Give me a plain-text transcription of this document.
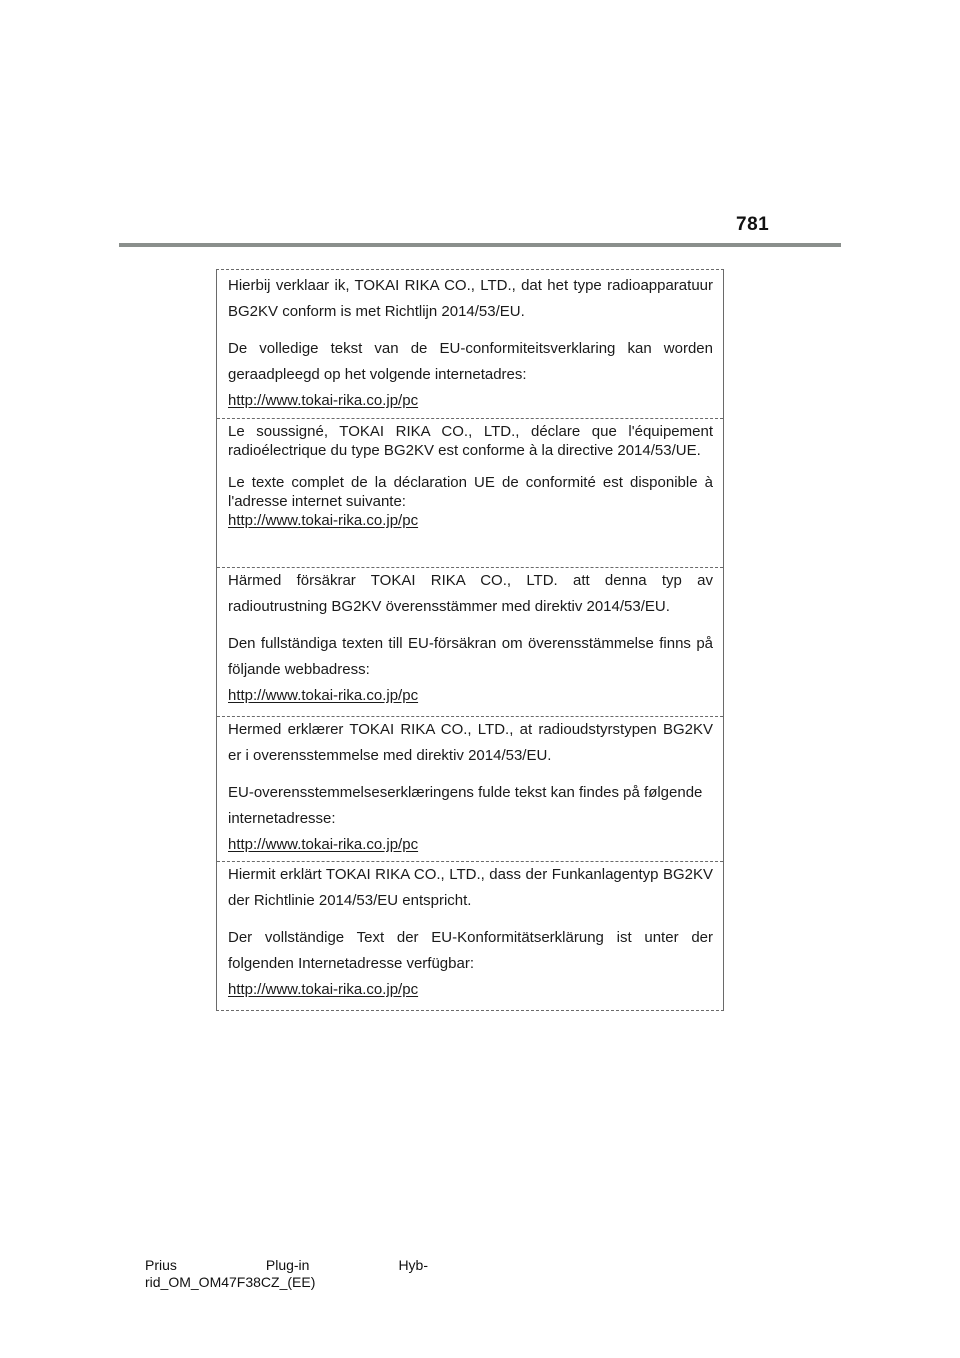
781

Hierbij verklaar ik, TOKAI RIKA CO., LTD., dat het type radioapparatuur BG2KV conform is met Richtlijn 2014/53/EU.

De volledige tekst van de EU-conformiteitsverklaring kan worden geraadpleegd op het volgende internetadres:

http://www.tokai-rika.co.jp/pc

Le soussigné, TOKAI RIKA CO., LTD., déclare que l'équipement radioélectrique du type BG2KV est conforme à la directive 2014/53/UE.

Le texte complet de la déclaration UE de conformité est disponible à l'adresse internet suivante:

http://www.tokai-rika.co.jp/pc

Härmed försäkrar TOKAI RIKA CO., LTD. att denna typ av radioutrustning BG2KV överensstämmer med direktiv 2014/53/EU.

Den fullständiga texten till EU-försäkran om överensstämmelse finns på följande webbadress:

http://www.tokai-rika.co.jp/pc

Hermed erklærer TOKAI RIKA CO., LTD., at radioudstyrstypen BG2KV er i overensstemmelse med direktiv 2014/53/EU.

EU-overensstemmelseserklæringens fulde tekst kan findes på følgende internetadresse:

http://www.tokai-rika.co.jp/pc

Hiermit erklärt TOKAI RIKA CO., LTD., dass der Funkanlagentyp BG2KV der Richtlinie 2014/53/EU entspricht.

Der vollständige Text der EU-Konformitätserklärung ist unter der folgenden Internetadresse verfügbar:

http://www.tokai-rika.co.jp/pc
Prius	Plug-in	Hyb-
rid_OM_OM47F38CZ_(EE)
